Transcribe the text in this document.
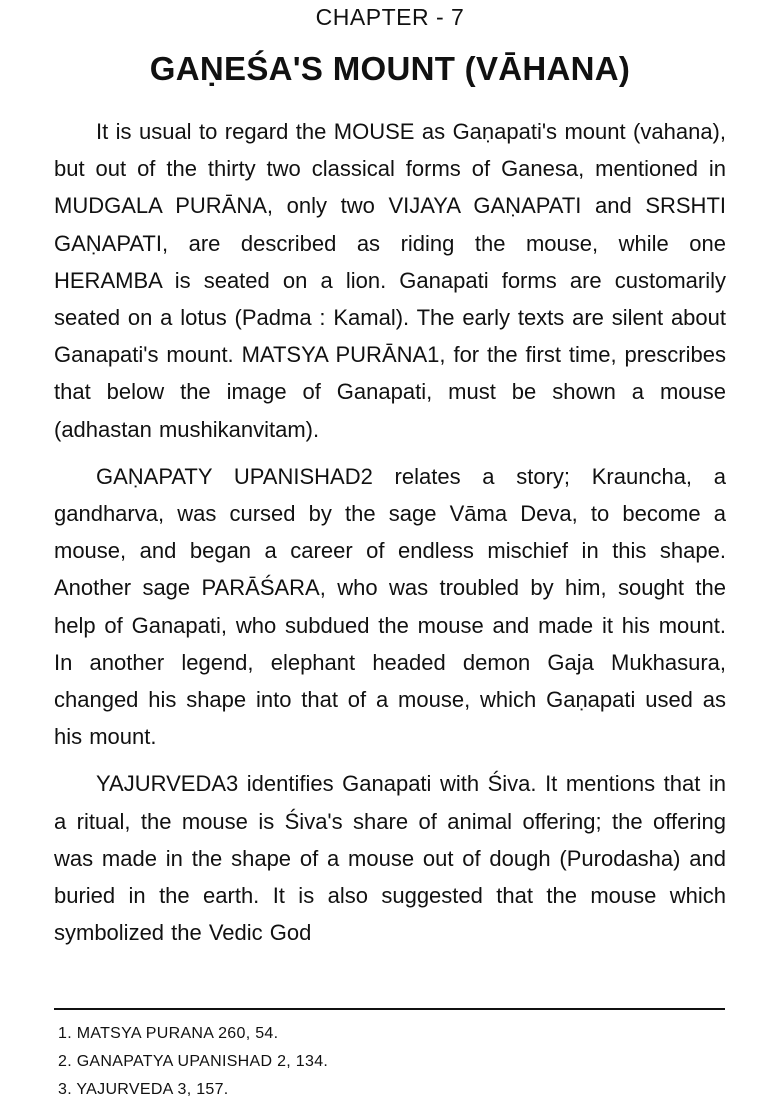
CHAPTER - 7
GAṆEŚA'S MOUNT (VĀHANA)

It is usual to regard the MOUSE as Gaṇapati's mount (vahana), but out of the thirty two classical forms of Ganesa, mentioned in MUDGALA PURĀNA, only two VIJAYA GAṆAPATI and SRSHTI GAṆAPATI, are described as riding the mouse, while one HERAMBA is seated on a lion. Ganapati forms are customarily seated on a lotus (Padma : Kamal). The early texts are silent about Ganapati's mount. MATSYA PURĀNA1, for the first time, prescribes that below the image of Ganapati, must be shown a mouse (adhastan mushikanvitam).

GAṆAPATY UPANISHAD2 relates a story; Krauncha, a gandharva, was cursed by the sage Vāma Deva, to become a mouse, and began a career of endless mischief in this shape. Another sage PARĀŚARA, who was troubled by him, sought the help of Ganapati, who subdued the mouse and made it his mount. In another legend, elephant headed demon Gaja Mukhasura, changed his shape into that of a mouse, which Gaṇapati used as his mount.

YAJURVEDA3 identifies Ganapati with Śiva. It mentions that in a ritual, the mouse is Śiva's share of animal offering; the offering was made in the shape of a mouse out of dough (Purodasha) and buried in the earth. It is also suggested that the mouse which symbolized the Vedic God

1. MATSYA PURANA 260, 54.
2. GANAPATYA UPANISHAD 2, 134.
3. YAJURVEDA 3, 157.
